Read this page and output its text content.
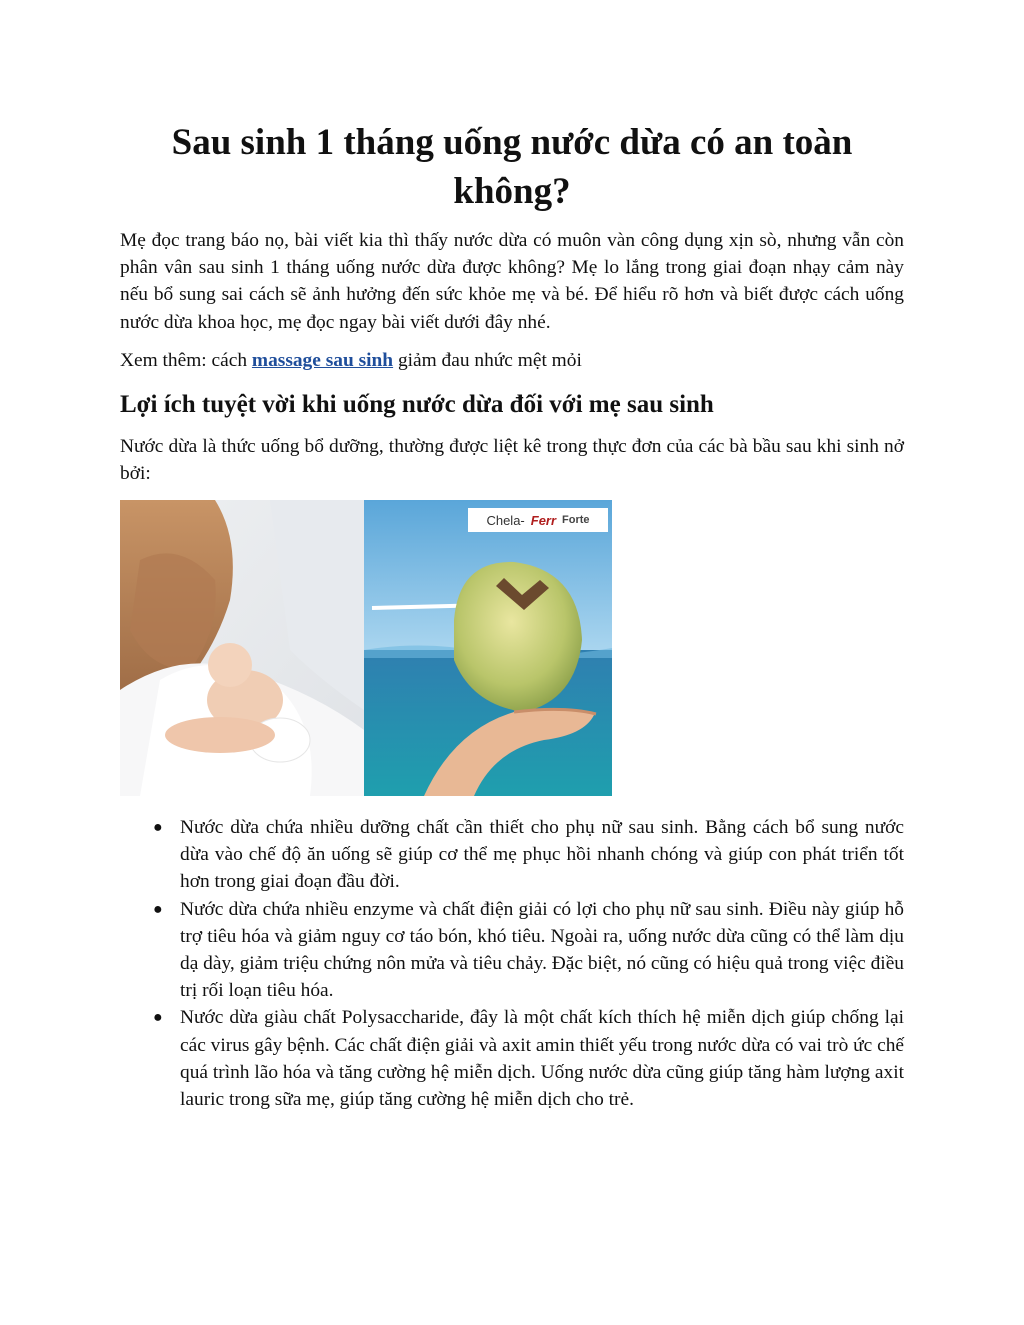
Sau sinh 1 tháng uống nước dừa có an toàn không?

Mẹ đọc trang báo nọ, bài viết kia thì thấy nước dừa có muôn vàn công dụng xịn sò, nhưng vẫn còn phân vân sau sinh 1 tháng uống nước dừa được không? Mẹ lo lắng trong giai đoạn nhạy cảm này nếu bổ sung sai cách sẽ ảnh hưởng đến sức khỏe mẹ và bé. Để hiểu rõ hơn và biết được cách uống nước dừa khoa học, mẹ đọc ngay bài viết dưới đây nhé.

Xem thêm: cách massage sau sinh giảm đau nhức mệt mỏi

Lợi ích tuyệt vời khi uống nước dừa đối với mẹ sau sinh

Nước dừa là thức uống bổ dưỡng, thường được liệt kê trong thực đơn của các bà bầu sau khi sinh nở bởi:

Chela- Ferr Forte
● Nước dừa chứa nhiều dưỡng chất cần thiết cho phụ nữ sau sinh. Bằng cách bổ sung nước dừa vào chế độ ăn uống sẽ giúp cơ thể mẹ phục hồi nhanh chóng và giúp con phát triển tốt hơn trong giai đoạn đầu đời.
● Nước dừa chứa nhiều enzyme và chất điện giải có lợi cho phụ nữ sau sinh. Điều này giúp hỗ trợ tiêu hóa và giảm nguy cơ táo bón, khó tiêu. Ngoài ra, uống nước dừa cũng có thể làm dịu dạ dày, giảm triệu chứng nôn mửa và tiêu chảy. Đặc biệt, nó cũng có hiệu quả trong việc điều trị rối loạn tiêu hóa.
● Nước dừa giàu chất Polysaccharide, đây là một chất kích thích hệ miễn dịch giúp chống lại các virus gây bệnh. Các chất điện giải và axit amin thiết yếu trong nước dừa có vai trò ức chế quá trình lão hóa và tăng cường hệ miễn dịch. Uống nước dừa cũng giúp tăng hàm lượng axit lauric trong sữa mẹ, giúp tăng cường hệ miễn dịch cho trẻ.
